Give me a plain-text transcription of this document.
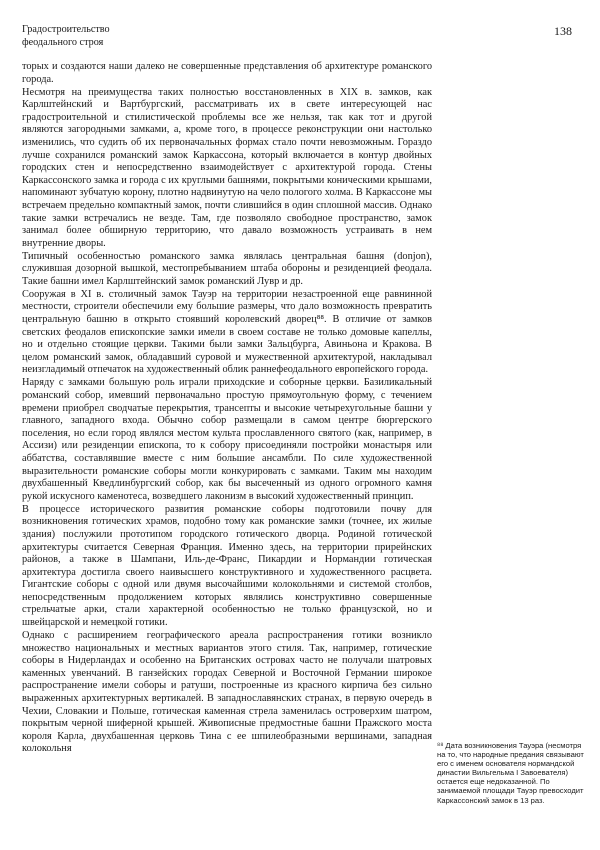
Градостроительство
феодального строя
138

торых и создаются наши далеко не совершенные представления об архитектуре романского города.

Несмотря на преимущества таких полностью восстановленных в XIX в. замков, как Карлштейнский и Вартбургский, рассматривать их в свете интересующей нас градостроительной и стилистической проблемы все же нельзя, так как тот и другой являются загородными замками, а, кроме того, в процессе реконструкции они настолько изменились, что судить об их первоначальных формах стало почти невозможным. Гораздо лучше сохранился романский замок Каркассона, который включается в контур двойных городских стен и непосредственно взаимодействует с архитектурой города. Стены Каркассонского замка и города с их круглыми башнями, покрытыми коническими крышами, напоминают зубчатую корону, плотно надвинутую на чело пологого холма. В Каркассоне мы встречаем предельно компактный замок, почти слившийся в один сплошной массив. Однако такие замки встречались не везде. Там, где позволяло свободное пространство, замок занимал более обширную территорию, что давало возможность устраивать в нем внутренние дворы.

Типичный особенностью романского замка являлась центральная башня (donjon), служившая дозорной вышкой, местопребыванием штаба обороны и резиденцией феодала. Такие башни имел Карлштейнский замок романский Лувр и др.

Сооружая в XI в. столичный замок Тауэр на территории незастроенной еще равнинной местности, строители обеспечили ему большие размеры, что дало возможность превратить центральную башню в открыто стоявший королевский дворец⁸⁸. В отличие от замков светских феодалов епископские замки имели в своем составе не только домовые капеллы, но и отдельно стоящие церкви. Такими были замки Зальцбурга, Авиньона и Кракова. В целом романский замок, обладавший суровой и мужественной архитектурой, накладывал неизгладимый отпечаток на художественный облик раннефеодального европейского города.

Наряду с замками большую роль играли приходские и соборные церкви. Базиликальный романский собор, имевший первоначально простую прямоугольную форму, с течением времени приобрел сводчатые перекрытия, трансепты и высокие четырехугольные башни у главного, западного входа. Обычно собор размещали в самом центре бюргерского поселения, но если город являлся местом культа прославленного святого (как, например, в Ассизи) или резиденции епископа, то к собору присоединяли постройки монастыря или аббатства, составлявшие вместе с ним большие ансамбли. По силе художественной выразительности романские соборы могли конкурировать с замками. Таким мы находим двухбашенный Кведлинбургский собор, как бы высеченный из одного огромного камня рукой искусного каменотеса, возведшего лаконизм в высокий художественный принцип.

В процессе исторического развития романские соборы подготовили почву для возникновения готических храмов, подобно тому как романские замки (точнее, их жилые здания) послужили прототипом городского готического дворца. Родиной готической архитектуры считается Северная Франция. Именно здесь, на территории прирейнских районов, а также в Шампани, Иль-де-Франс, Пикардии и Нормандии готическая архитектура достигла своего наивысшего конструктивного и художественного расцвета. Гигантские соборы с одной или двумя высочайшими колокольнями и системой столбов, непосредственным продолжением которых являлись конструктивно совершенные стрельчатые арки, стали характерной особенностью не только французской, но и швейцарской и немецкой готики.

Однако с расширением географического ареала распространения готики возникло множество национальных и местных вариантов этого стиля. Так, например, готические соборы в Нидерландах и особенно на Британских островах часто не получали шатровых каменных увенчаний. В ганзейских городах Северной и Восточной Германии широкое распространение имели соборы и ратуши, построенные из красного кирпича без сильно выраженных архитектурных вертикалей. В западнославянских странах, в первую очередь в Чехии, Словакии и Польше, готическая каменная стрела заменилась островерхим шатром, покрытым черной шиферной крышей. Живописные предмостные башни Пражского моста короля Карла, двухбашенная церковь Тина с ее шпилеобразными вершинами, западная колокольня	⁸⁸ Дата возникновения Тауэра (несмотря на то, что народные предания связывают его с именем основателя нормандской династии Вильгельма I Завоевателя) остается еще недоказанной. По занимаемой площади Тауэр превосходит Каркассонский замок в 13 раз.
